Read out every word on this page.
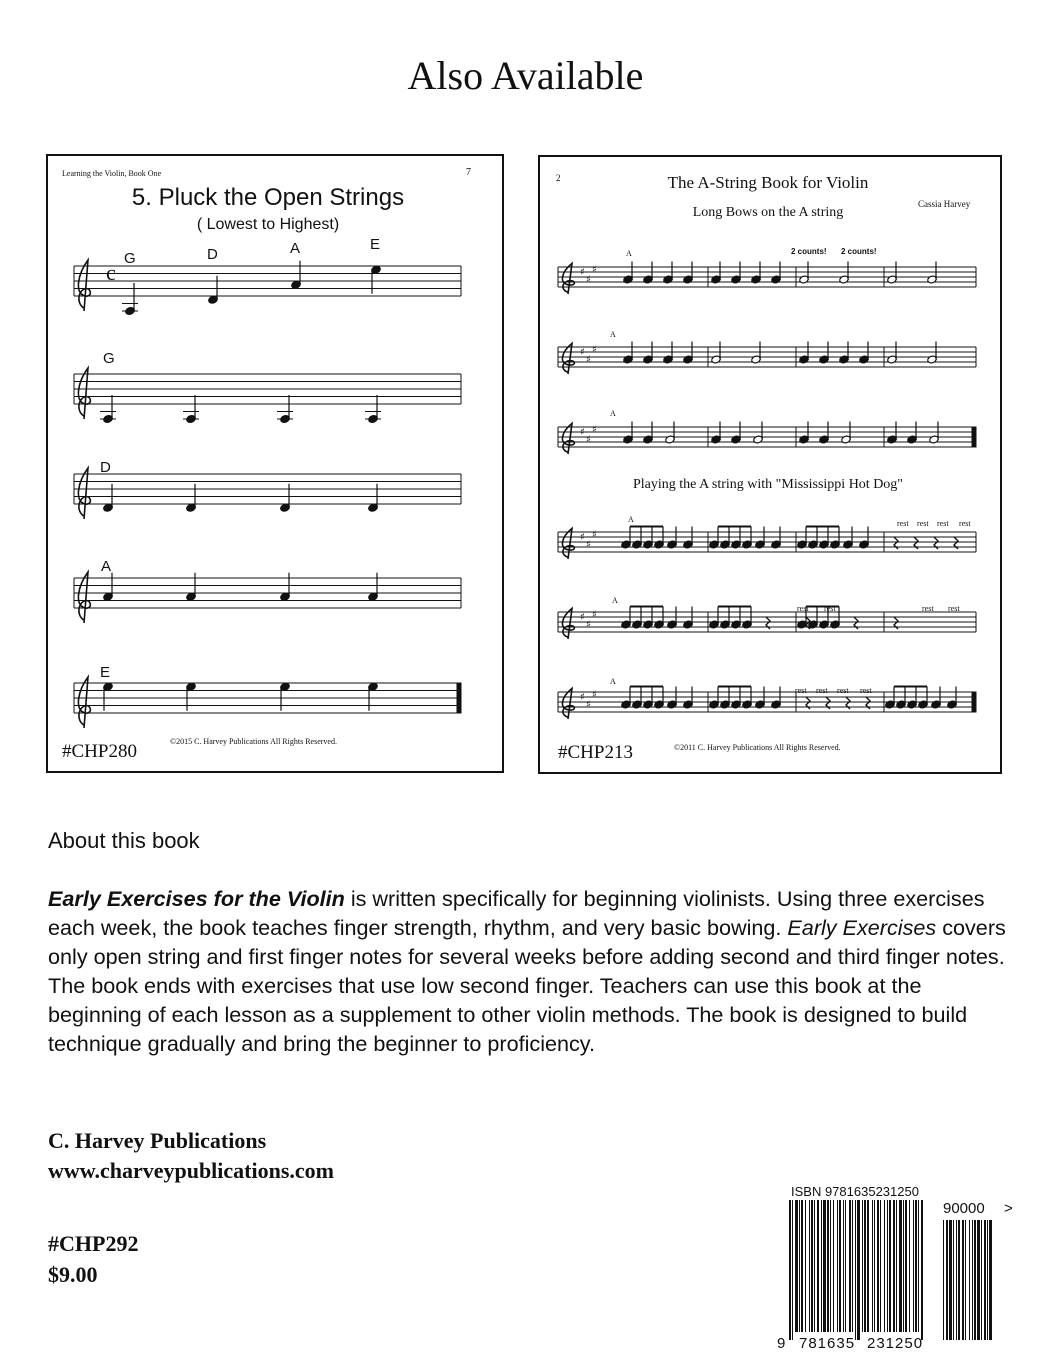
Also Available
Learning the Violin, Book One	7
5. Pluck the Open Strings
( Lowest to Highest)
G	D	A	E
c
G
D
A
E
#CHP280	©2015 C. Harvey Publications All Rights Reserved.
♯
♯
♯
♯
♯
♯
♯
♯
♯
♯
♯
♯
♯
♯
♯
♯
♯
♯
2	The A-String Book for Violin
Long Bows on the A string
Cassia Harvey
2 counts! 2 counts!
A
A
A
Playing the A string with "Mississippi Hot Dog"
A
A
A
rest rest rest rest
rest rest	rest rest
rest rest rest rest
#CHP213	©2011 C. Harvey Publications All Rights Reserved.
About this book
Early Exercises for the Violin is written specifically for beginning violinists. Using three exercises each week, the book teaches finger strength, rhythm, and very basic bowing. Early Exercises covers only open string and first finger notes for several weeks before adding second and third finger notes. The book ends with exercises that use low second finger. Teachers can use this book at the beginning of each lesson as a supplement to other violin methods. The book is designed to build technique gradually and bring the beginner to proficiency.
C. Harvey Publications
www.charveypublications.com
#CHP292
$9.00
ISBN 9781635231250
90000 >
9 781635 231250
